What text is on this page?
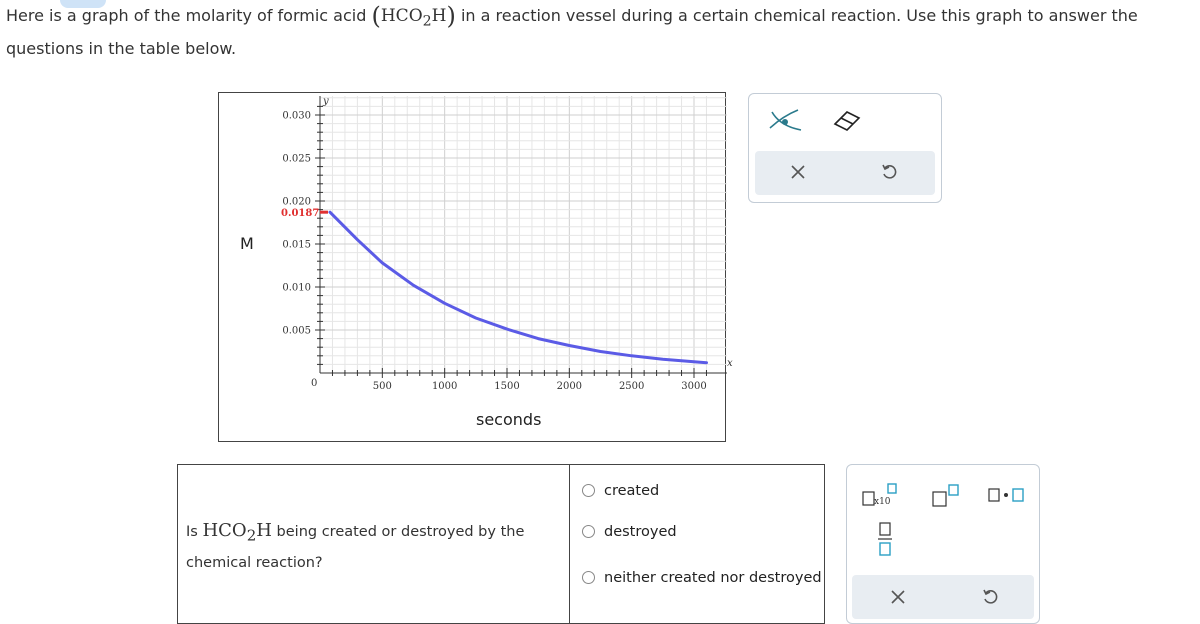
Here is a graph of the molarity of formic acid $(HCO_2H)$ in a reaction vessel during a certain chemical reaction. Use this graph to answer the questions in the table below.
M
seconds
500	1000	1500	2000	2500	3000
0.005
0.010
0.015
0.020
0.025
0.030
y
x
0
0.0187
Is $HCO_2H$ being created or destroyed by the chemical reaction?
created
destroyed
neither created nor destroyed
x10
